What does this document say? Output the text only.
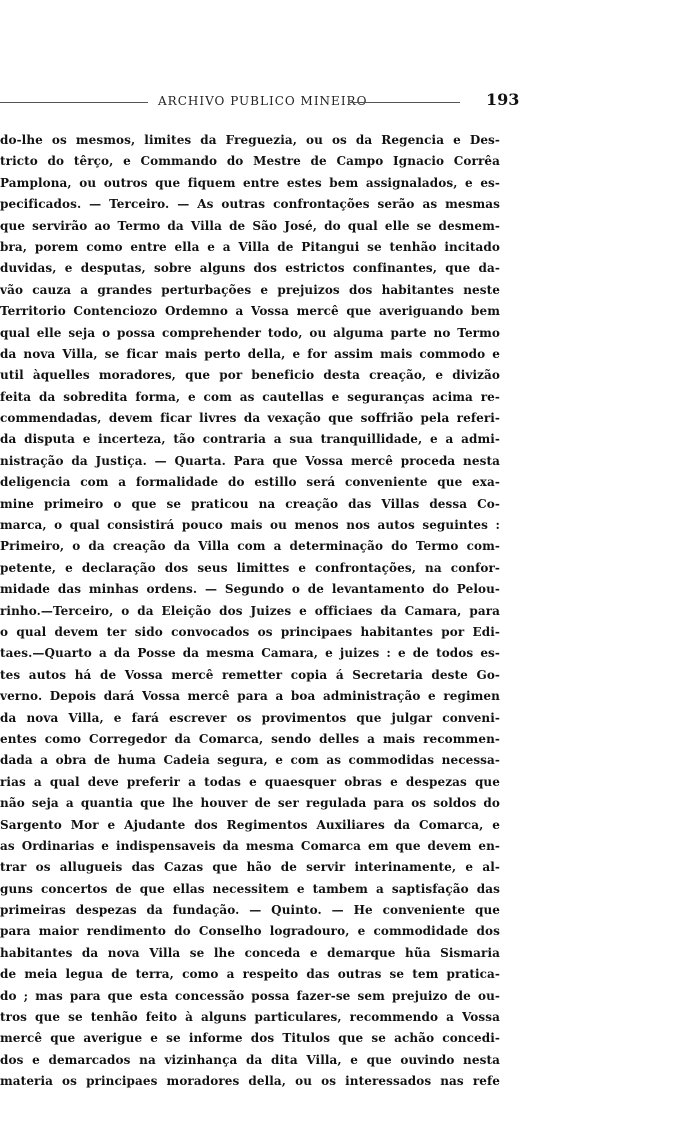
ARCHIVO PUBLICO MINEIRO	193
do-lhe os mesmos, limites da Freguezia, ou os da Regencia e Des-
tricto do têrço, e Commando do Mestre de Campo Ignacio Corrêa
Pamplona, ou outros que fiquem entre estes bem assignalados, e es-
pecificados. — Terceiro. — As outras confrontações serão as mesmas
que servirão ao Termo da Villa de São José, do qual elle se desmem-
bra, porem como entre ella e a Villa de Pitangui se tenhão incitado
duvidas, e desputas, sobre alguns dos estrictos confinantes, que da-
vão cauza a grandes perturbações e prejuizos dos habitantes neste
Territorio Contenciozo Ordemno a Vossa mercê que averiguando bem
qual elle seja o possa comprehender todo, ou alguma parte no Termo
da nova Villa, se ficar mais perto della, e for assim mais commodo e
util àquelles moradores, que por beneficio desta creação, e divizão
feita da sobredita forma, e com as cautellas e seguranças acima re-
commendadas, devem ficar livres da vexação que soffrião pela referi-
da disputa e incerteza, tão contraria a sua tranquillidade, e a admi-
nistração da Justiça. — Quarta. Para que Vossa mercê proceda nesta
deligencia com a formalidade do estillo será conveniente que exa-
mine primeiro o que se praticou na creação das Villas dessa Co-
marca, o qual consistirá pouco mais ou menos nos autos seguintes :
Primeiro, o da creação da Villa com a determinação do Termo com-
petente, e declaração dos seus limittes e confrontações, na confor-
midade das minhas ordens. — Segundo o de levantamento do Pelou-
rinho.—Terceiro, o da Eleição dos Juizes e officiaes da Camara, para
o qual devem ter sido convocados os principaes habitantes por Edi-
taes.—Quarto a da Posse da mesma Camara, e juizes : e de todos es-
tes autos há de Vossa mercê remetter copia á Secretaria deste Go-
verno. Depois dará Vossa mercê para a boa administração e regimen
da nova Villa, e fará escrever os provimentos que julgar conveni-
entes como Corregedor da Comarca, sendo delles a mais recommen-
dada a obra de huma Cadeia segura, e com as commodidas necessa-
rias a qual deve preferir a todas e quaesquer obras e despezas que
não seja a quantia que lhe houver de ser regulada para os soldos do
Sargento Mor e Ajudante dos Regimentos Auxiliares da Comarca, e
as Ordinarias e indispensaveis da mesma Comarca em que devem en-
trar os allugueis das Cazas que hão de servir interinamente, e al-
guns concertos de que ellas necessitem e tambem a saptisfação das
primeiras despezas da fundação. — Quinto. — He conveniente que
para maior rendimento do Conselho logradouro, e commodidade dos
habitantes da nova Villa se lhe conceda e demarque hũa Sismaria
de meia legua de terra, como a respeito das outras se tem pratica-
do ; mas para que esta concessão possa fazer-se sem prejuizo de ou-
tros que se tenhão feito à alguns particulares, recommendo a Vossa
mercê que averigue e se informe dos Titulos que se achão concedi-
dos e demarcados na vizinhança da dita Villa, e que ouvindo nesta
materia os principaes moradores della, ou os interessados nas refe
